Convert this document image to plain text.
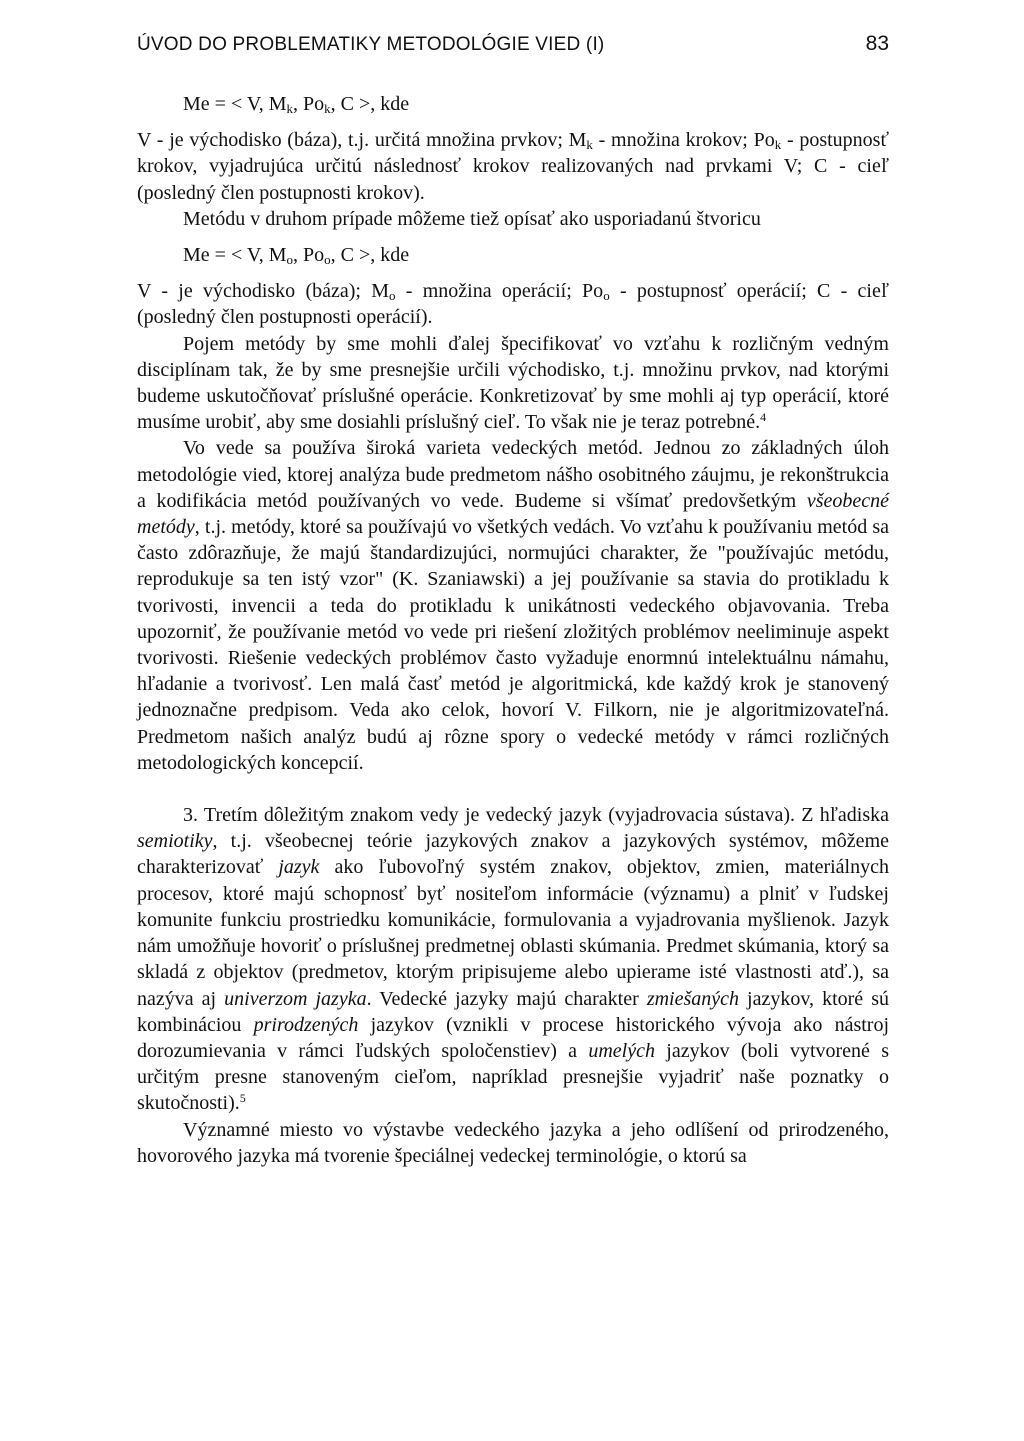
ÚVOD DO PROBLEMATIKY METODOLÓGIE VIED (I)	83

Me = < V, $M_k$, $Po_k$, C >, kde

V - je východisko (báza), t.j. určitá množina prvkov; $M_k$ - množina krokov; $Po_k$ - postupnosť krokov, vyjadrujúca určitú následnosť krokov realizovaných nad prvkami V; C - cieľ (posledný člen postupnosti krokov).

Metódu v druhom prípade môžeme tiež opísať ako usporiadanú štvoricu

Me = < V, $M_o$, $Po_o$, C >, kde

V - je východisko (báza); $M_o$ - množina operácií; $Po_o$ - postupnosť operácií; C - cieľ (posledný člen postupnosti operácií).

Pojem metódy by sme mohli ďalej špecifikovať vo vzťahu k rozličným vedným disciplínam tak, že by sme presnejšie určili východisko, t.j. množinu prvkov, nad ktorými budeme uskutočňovať príslušné operácie. Konkretizovať by sme mohli aj typ operácií, ktoré musíme urobiť, aby sme dosiahli príslušný cieľ. To však nie je teraz potrebné.$^4$

Vo vede sa používa široká varieta vedeckých metód. Jednou zo základných úloh metodológie vied, ktorej analýza bude predmetom nášho osobitného záujmu, je rekonštrukcia a kodifikácia metód používaných vo vede. Budeme si všímať predovšetkým všeobecné metódy, t.j. metódy, ktoré sa používajú vo všetkých vedách. Vo vzťahu k používaniu metód sa často zdôrazňuje, že majú štandardizujúci, normujúci charakter, že "používajúc metódu, reprodukuje sa ten istý vzor" (K. Szaniawski) a jej používanie sa stavia do protikladu k tvorivosti, invencii a teda do protikladu k unikátnosti vedeckého objavovania. Treba upozorniť, že používanie metód vo vede pri riešení zložitých problémov neeliminuje aspekt tvorivosti. Riešenie vedeckých problémov často vyžaduje enormnú intelektuálnu námahu, hľadanie a tvorivosť. Len malá časť metód je algoritmická, kde každý krok je stanovený jednoznačne predpisom. Veda ako celok, hovorí V. Filkorn, nie je algoritmizovateľná. Predmetom našich analýz budú aj rôzne spory o vedecké metódy v rámci rozličných metodologických koncepcií.

3. Tretím dôležitým znakom vedy je vedecký jazyk (vyjadrovacia sústava). Z hľadiska semiotiky, t.j. všeobecnej teórie jazykových znakov a jazykových systémov, môžeme charakterizovať jazyk ako ľubovoľný systém znakov, objektov, zmien, materiálnych procesov, ktoré majú schopnosť byť nositeľom informácie (významu) a plniť v ľudskej komunite funkciu prostriedku komunikácie, formulovania a vyjadrovania myšlienok. Jazyk nám umožňuje hovoriť o príslušnej predmetnej oblasti skúmania. Predmet skúmania, ktorý sa skladá z objektov (predmetov, ktorým pripisujeme alebo upierame isté vlastnosti atď.), sa nazýva aj univerzom jazyka. Vedecké jazyky majú charakter zmiešaných jazykov, ktoré sú kombináciou prirodzených jazykov (vznikli v procese historického vývoja ako nástroj dorozumievania v rámci ľudských spoločenstiev) a umelých jazykov (boli vytvorené s určitým presne stanoveným cieľom, napríklad presnejšie vyjadriť naše poznatky o skutočnosti).$^5$

Významné miesto vo výstavbe vedeckého jazyka a jeho odlíšení od prirodzeného, hovorového jazyka má tvorenie špeciálnej vedeckej terminológie, o ktorú sa
